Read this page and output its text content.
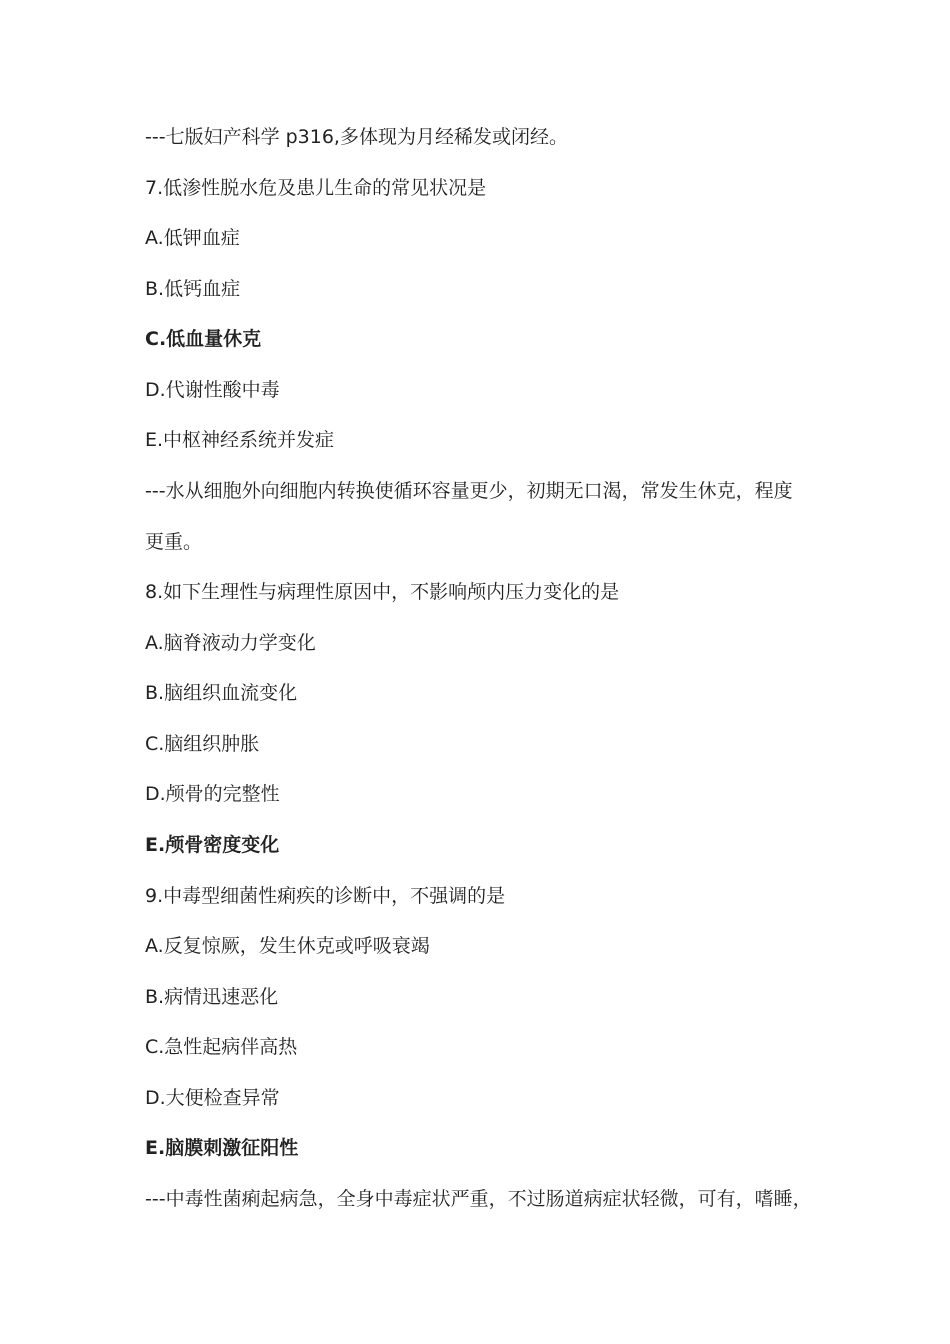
---七版妇产科学 p316,多体现为月经稀发或闭经。
7.低渗性脱水危及患儿生命的常见状况是
A.低钾血症
B.低钙血症
C.低血量休克
D.代谢性酸中毒
E.中枢神经系统并发症
---水从细胞外向细胞内转换使循环容量更少，初期无口渴，常发生休克，程度
更重。
8.如下生理性与病理性原因中，不影响颅内压力变化的是
A.脑脊液动力学变化
B.脑组织血流变化
C.脑组织肿胀
D.颅骨的完整性
E.颅骨密度变化
9.中毒型细菌性痢疾的诊断中，不强调的是
A.反复惊厥，发生休克或呼吸衰竭
B.病情迅速恶化
C.急性起病伴高热
D.大便检查异常
E.脑膜刺激征阳性
---中毒性菌痢起病急，全身中毒症状严重，不过肠道病症状轻微，可有，嗜睡，
